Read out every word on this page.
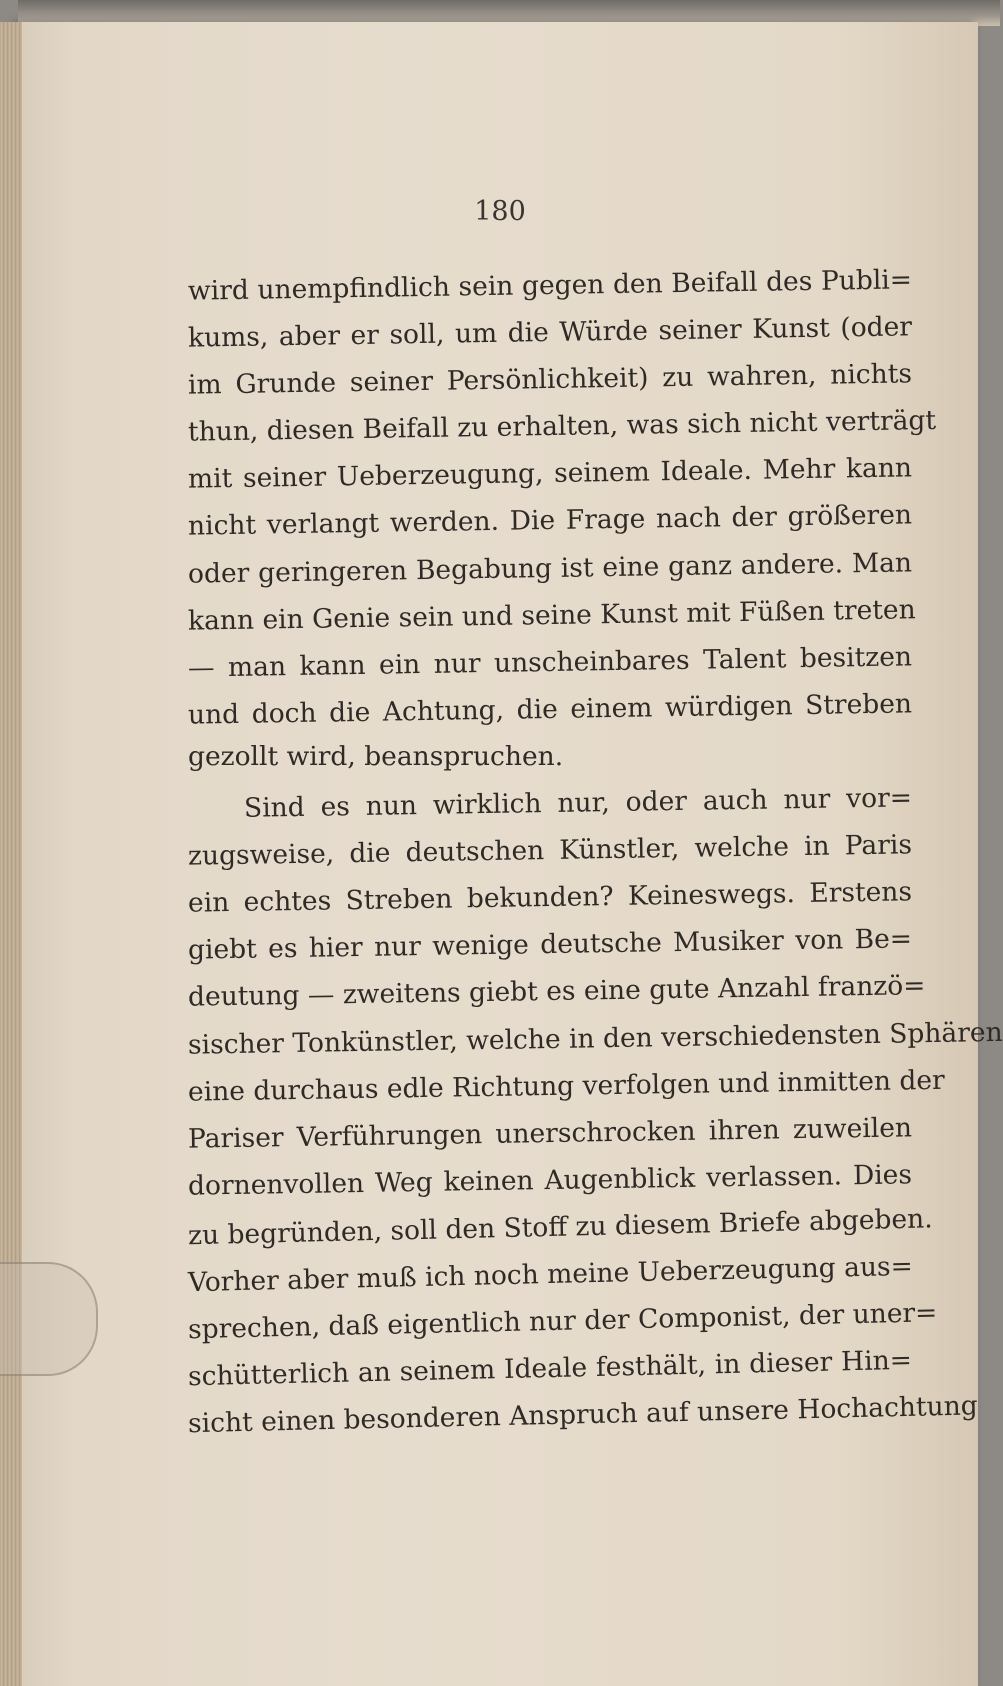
180
wird unempfindlich sein gegen den Beifall des Publi=
kums, aber er soll, um die Würde seiner Kunst (oder
im Grunde seiner Persönlichkeit) zu wahren, nichts
thun, diesen Beifall zu erhalten, was sich nicht verträgt
mit seiner Ueberzeugung, seinem Ideale. Mehr kann
nicht verlangt werden. Die Frage nach der größeren
oder geringeren Begabung ist eine ganz andere. Man
kann ein Genie sein und seine Kunst mit Füßen treten
— man kann ein nur unscheinbares Talent besitzen
und doch die Achtung, die einem würdigen Streben
gezollt wird, beanspruchen.
Sind es nun wirklich nur, oder auch nur vor=
zugsweise, die deutschen Künstler, welche in Paris
ein echtes Streben bekunden? Keineswegs. Erstens
giebt es hier nur wenige deutsche Musiker von Be=
deutung — zweitens giebt es eine gute Anzahl franzö=
sischer Tonkünstler, welche in den verschiedensten Sphären
eine durchaus edle Richtung verfolgen und inmitten der
Pariser Verführungen unerschrocken ihren zuweilen
dornenvollen Weg keinen Augenblick verlassen. Dies
zu begründen, soll den Stoff zu diesem Briefe abgeben.
Vorher aber muß ich noch meine Ueberzeugung aus=
sprechen, daß eigentlich nur der Componist, der uner=
schütterlich an seinem Ideale festhält, in dieser Hin=
sicht einen besonderen Anspruch auf unsere Hochachtung
